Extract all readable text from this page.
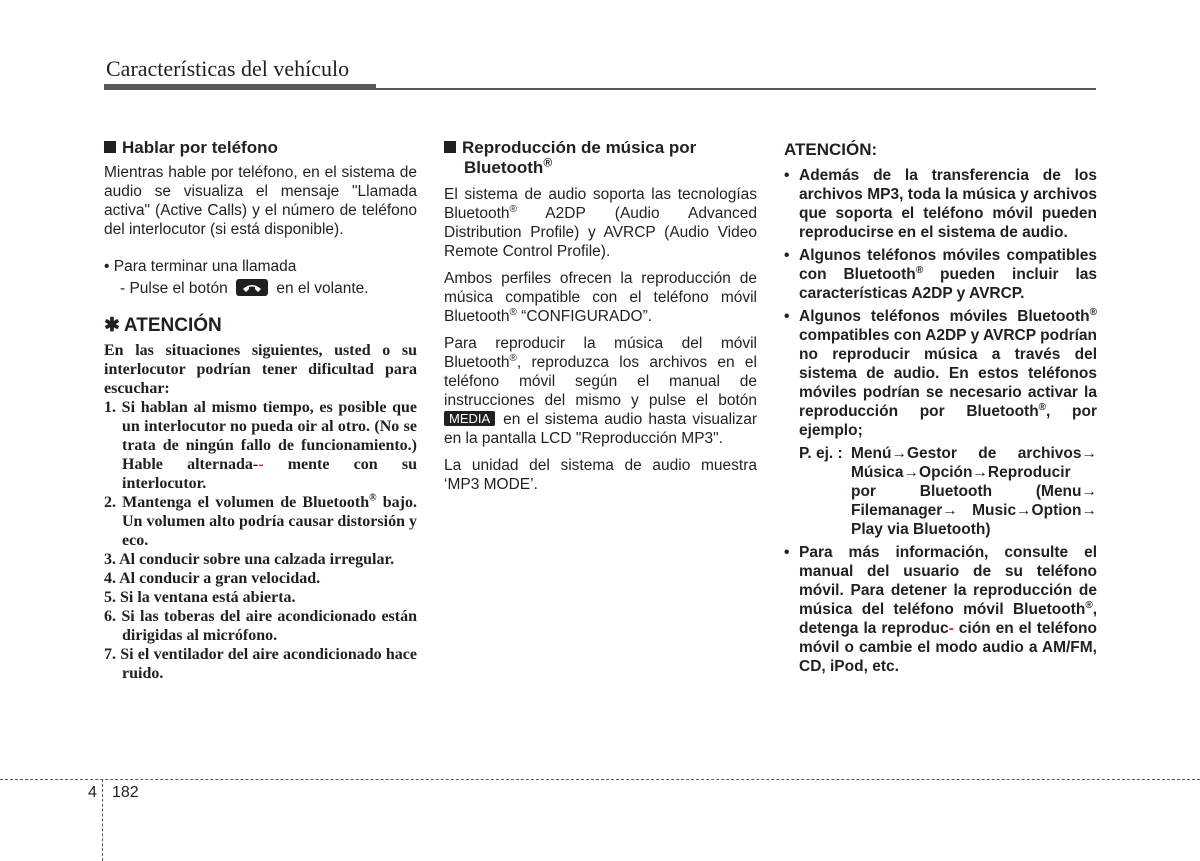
Características del vehículo

Hablar por teléfono

Mientras hable por teléfono, en el sistema de audio se visualiza el mensaje "Llamada activa" (Active Calls) y el número de teléfono del interlocutor (si está disponible).

• Para terminar una llamada

- Pulse el botón	en el volante.

✱ ATENCIÓN
En las situaciones siguientes, usted o su interlocutor podrían tener dificultad para escuchar:
1. Si hablan al mismo tiempo, es posible que un interlocutor no pueda oir al otro. (No se trata de ningún fallo de funcionamiento.) Hable alternada-- mente con su interlocutor.
2. Mantenga el volumen de Bluetooth® bajo. Un volumen alto podría causar distorsión y eco.
3. Al conducir sobre una calzada irregular.
4. Al conducir a gran velocidad.
5. Si la ventana está abierta.
6. Si las toberas del aire acondicionado están dirigidas al micrófono.
7. Si el ventilador del aire acondicionado hace ruido.

Reproducción de música por
Bluetooth®

El sistema de audio soporta las tecnologías Bluetooth® A2DP (Audio Advanced Distribution Profile) y AVRCP (Audio Video Remote Control Profile).

Ambos perfiles ofrecen la reproducción de música compatible con el teléfono móvil Bluetooth® “CONFIGURADO”.

Para reproducir la música del móvil Bluetooth®, reproduzca los archivos en el teléfono móvil según el manual de instrucciones del mismo y pulse el botón MEDIA en el sistema audio hasta visualizar en la pantalla LCD "Reproducción MP3".

La unidad del sistema de audio muestra ‘MP3 MODE’.

ATENCIÓN:

• Además de la transferencia de los archivos MP3, toda la música y archivos que soporta el teléfono móvil pueden reproducirse en el sistema de audio.
• Algunos teléfonos móviles compatibles con Bluetooth® pueden incluir las características A2DP y AVRCP.
• Algunos teléfonos móviles Bluetooth® compatibles con A2DP y AVRCP podrían no reproducir música a través del sistema de audio. En estos teléfonos móviles podrían se necesario activar la reproducción por Bluetooth®, por ejemplo;
P. ej. : Menú→Gestor de archivos→ Música→Opción→Reproducir por Bluetooth (Menu→ Filemanager→ Music→Option→ Play via Bluetooth)
• Para más información, consulte el manual del usuario de su teléfono móvil. Para detener la reproducción de música del teléfono móvil Bluetooth®, detenga la reproduc- ción en el teléfono móvil o cambie el modo audio a AM/FM, CD, iPod, etc.
4 182
